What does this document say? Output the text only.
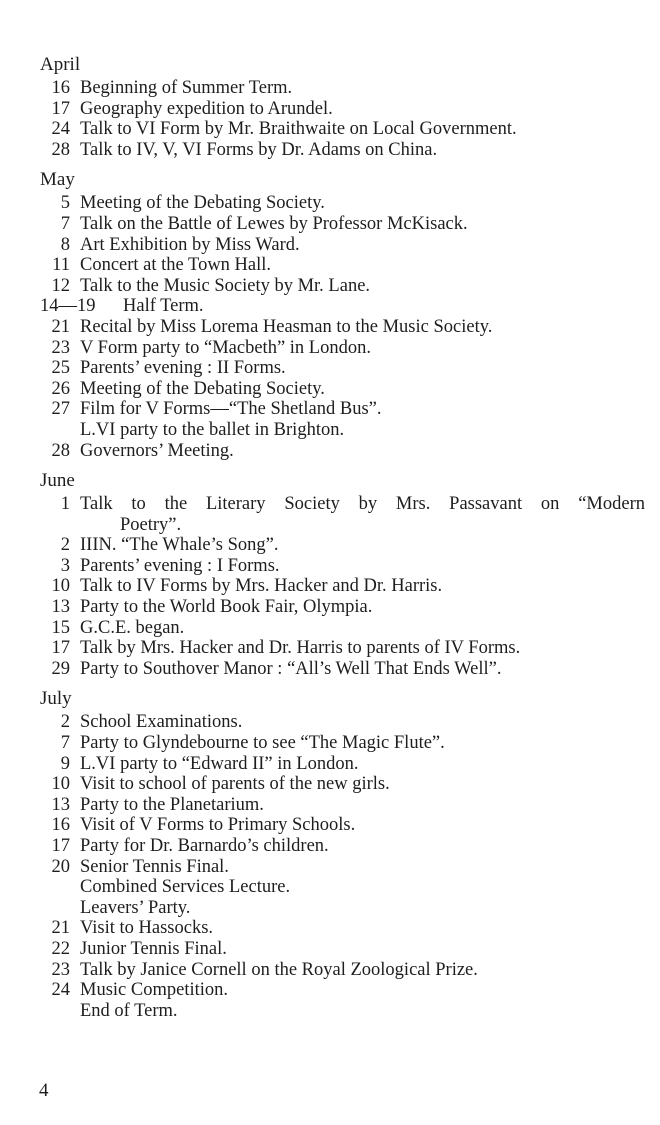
April
16 Beginning of Summer Term.
17 Geography expedition to Arundel.
24 Talk to VI Form by Mr. Braithwaite on Local Government.
28 Talk to IV, V, VI Forms by Dr. Adams on China.
May
5 Meeting of the Debating Society.
7 Talk on the Battle of Lewes by Professor McKisack.
8 Art Exhibition by Miss Ward.
11 Concert at the Town Hall.
12 Talk to the Music Society by Mr. Lane.
14—19	Half Term.
21 Recital by Miss Lorema Heasman to the Music Society.
23 V Form party to “Macbeth” in London.
25 Parents’ evening : II Forms.
26 Meeting of the Debating Society.
27 Film for V Forms—“The Shetland Bus”.
L.VI party to the ballet in Brighton.
28 Governors’ Meeting.
June
1 Talk to the Literary Society by Mrs. Passavant on “Modern
Poetry”.
2 IIIN. “The Whale’s Song”.
3 Parents’ evening : I Forms.
10 Talk to IV Forms by Mrs. Hacker and Dr. Harris.
13 Party to the World Book Fair, Olympia.
15 G.C.E. began.
17 Talk by Mrs. Hacker and Dr. Harris to parents of IV Forms.
29 Party to Southover Manor : “All’s Well That Ends Well”.
July
2 School Examinations.
7 Party to Glyndebourne to see “The Magic Flute”.
9 L.VI party to “Edward II” in London.
10 Visit to school of parents of the new girls.
13 Party to the Planetarium.
16 Visit of V Forms to Primary Schools.
17 Party for Dr. Barnardo’s children.
20 Senior Tennis Final.
Combined Services Lecture.
Leavers’ Party.
21 Visit to Hassocks.
22 Junior Tennis Final.
23 Talk by Janice Cornell on the Royal Zoological Prize.
24 Music Competition.
End of Term.
4
